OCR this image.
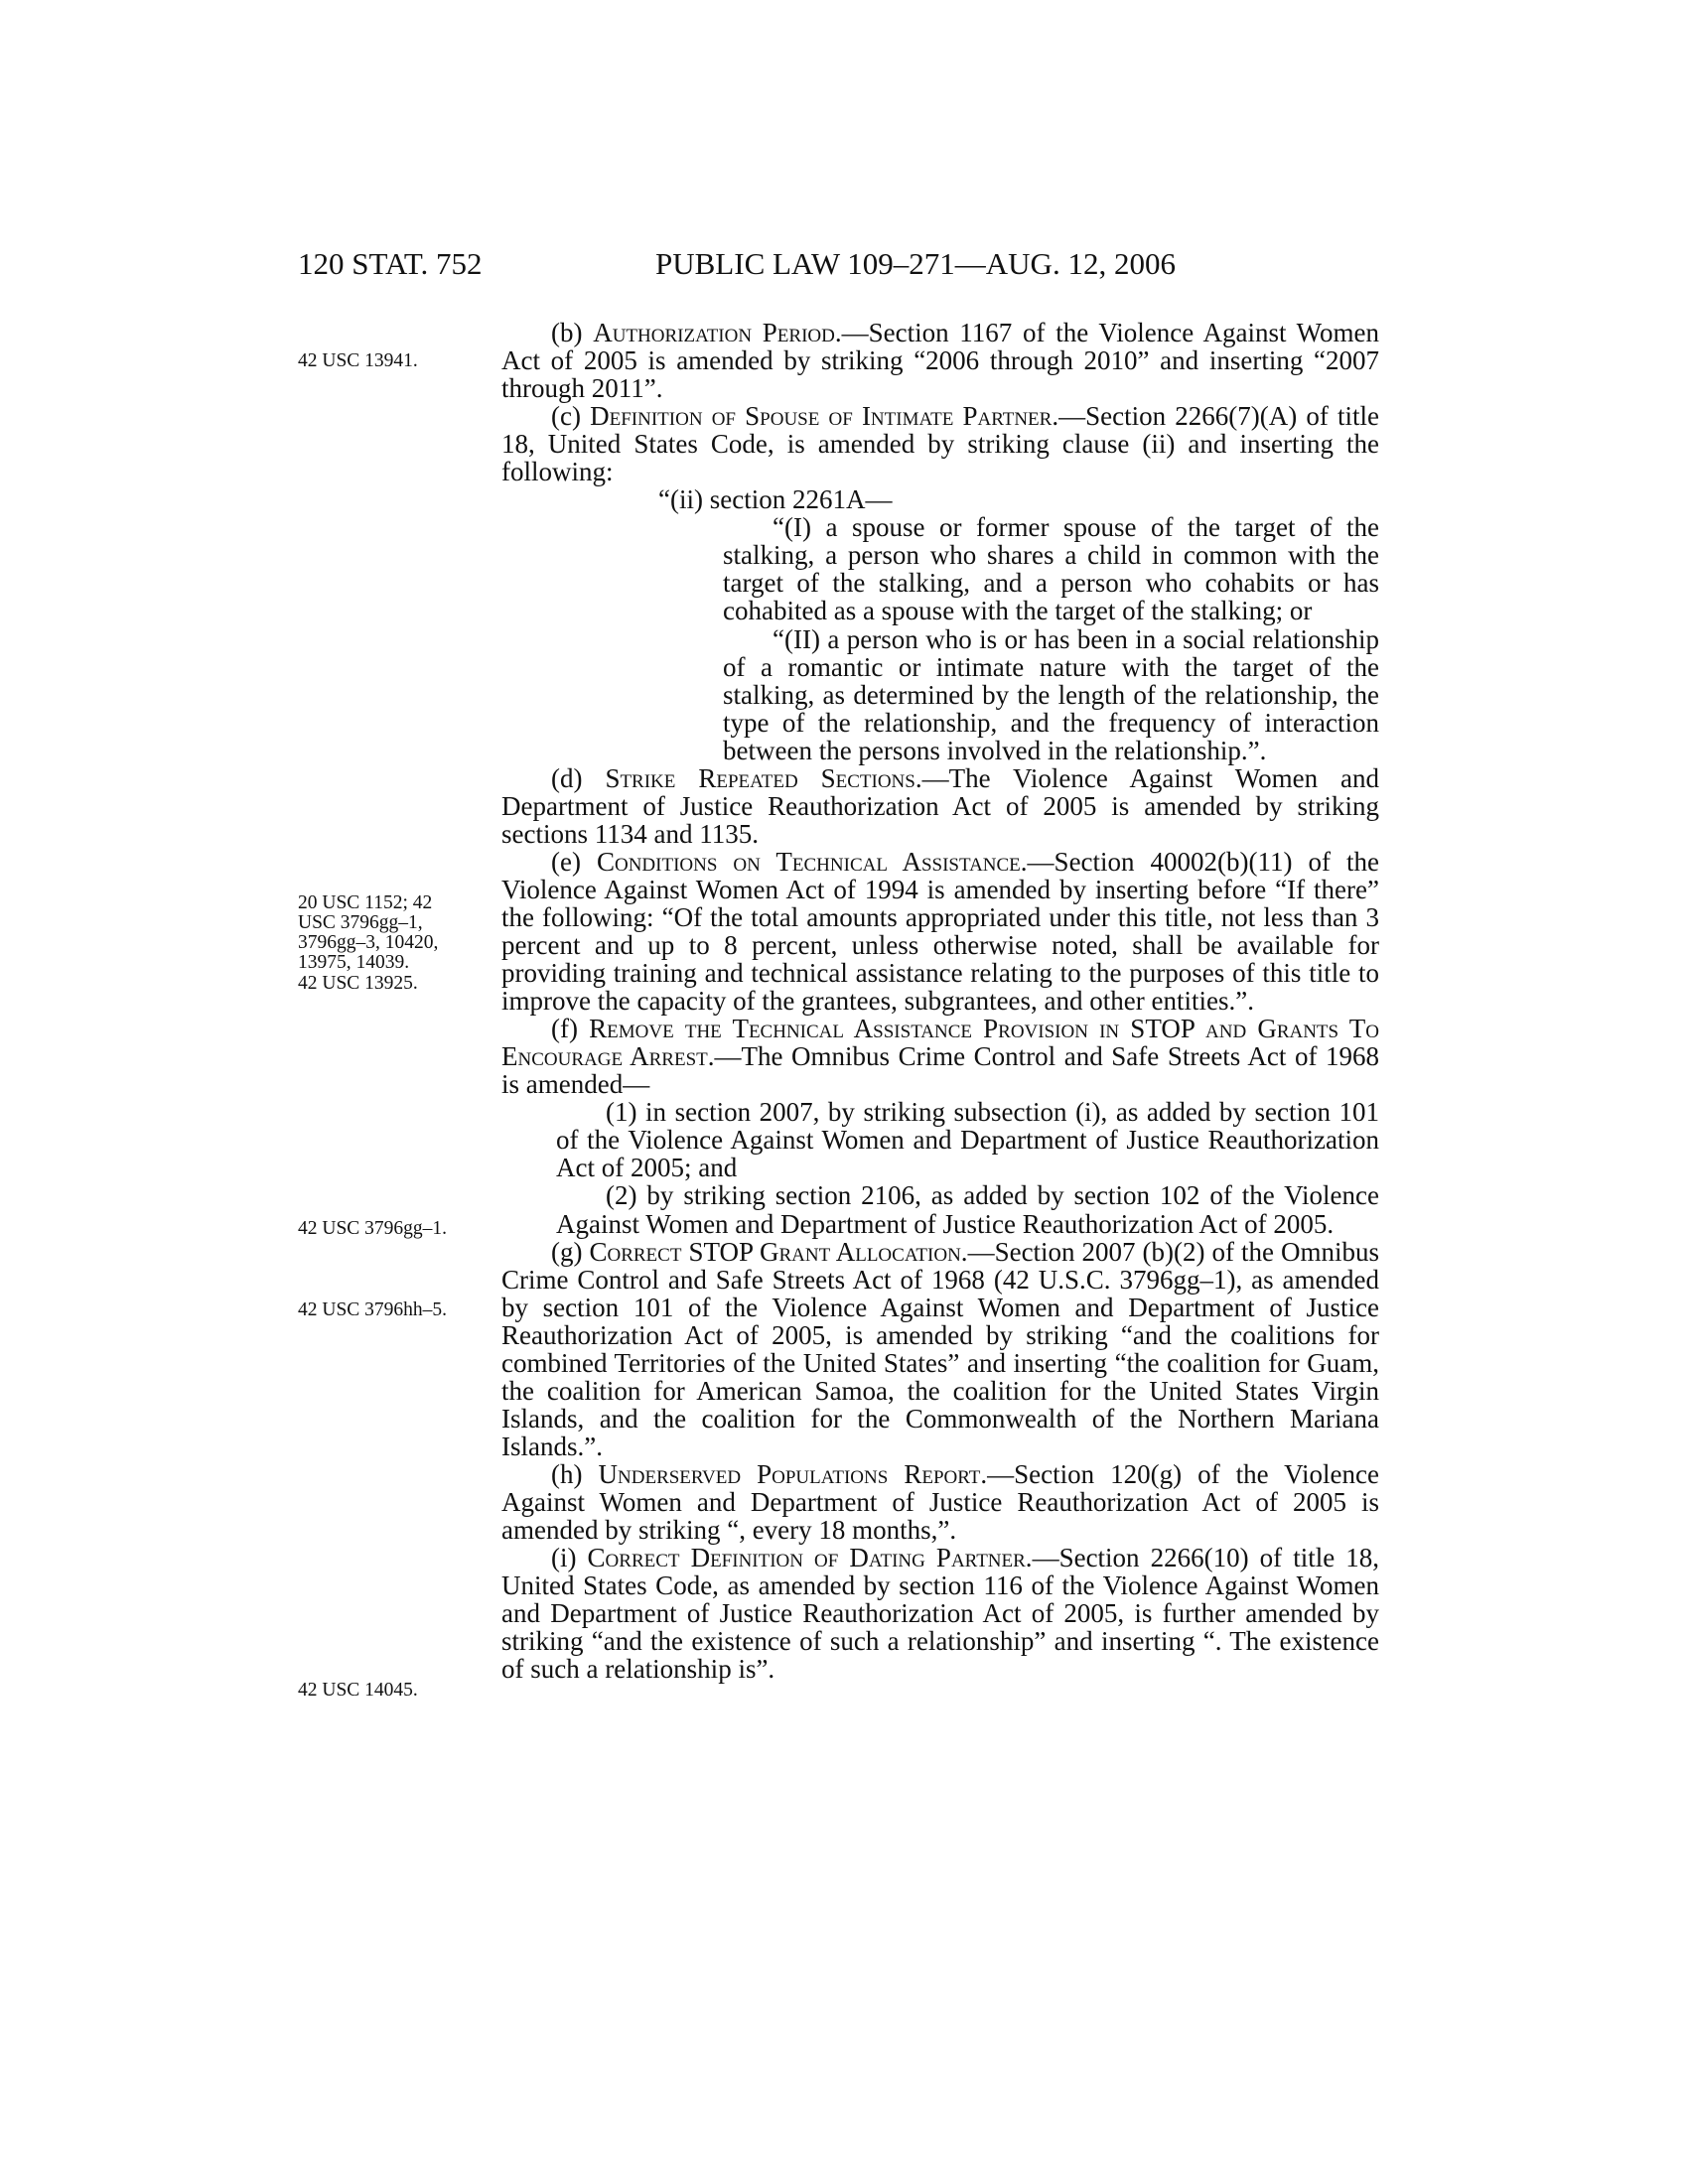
120 STAT. 752	PUBLIC LAW 109–271—AUG. 12, 2006
42 USC 13941.
20 USC 1152; 42 USC 3796gg–1, 3796gg–3, 10420, 13975, 14039.
42 USC 13925.
42 USC 3796gg–1.
42 USC 3796hh–5.
42 USC 14045.

(b) Authorization Period.—Section 1167 of the Violence Against Women Act of 2005 is amended by striking “2006 through 2010” and inserting “2007 through 2011”.

(c) Definition of Spouse of Intimate Partner.—Section 2266(7)(A) of title 18, United States Code, is amended by striking clause (ii) and inserting the following:

“(ii) section 2261A—

“(I) a spouse or former spouse of the target of the stalking, a person who shares a child in common with the target of the stalking, and a person who cohabits or has cohabited as a spouse with the target of the stalking; or

“(II) a person who is or has been in a social relationship of a romantic or intimate nature with the target of the stalking, as determined by the length of the relationship, the type of the relationship, and the frequency of interaction between the persons involved in the relationship.”.

(d) Strike Repeated Sections.—The Violence Against Women and Department of Justice Reauthorization Act of 2005 is amended by striking sections 1134 and 1135.

(e) Conditions on Technical Assistance.—Section 40002(b)(11) of the Violence Against Women Act of 1994 is amended by inserting before “If there” the following: “Of the total amounts appropriated under this title, not less than 3 percent and up to 8 percent, unless otherwise noted, shall be available for providing training and technical assistance relating to the purposes of this title to improve the capacity of the grantees, subgrantees, and other entities.”.

(f) Remove the Technical Assistance Provision in STOP and Grants To Encourage Arrest.—The Omnibus Crime Control and Safe Streets Act of 1968 is amended—

(1) in section 2007, by striking subsection (i), as added by section 101 of the Violence Against Women and Department of Justice Reauthorization Act of 2005; and

(2) by striking section 2106, as added by section 102 of the Violence Against Women and Department of Justice Reauthorization Act of 2005.

(g) Correct STOP Grant Allocation.—Section 2007 (b)(2) of the Omnibus Crime Control and Safe Streets Act of 1968 (42 U.S.C. 3796gg–1), as amended by section 101 of the Violence Against Women and Department of Justice Reauthorization Act of 2005, is amended by striking “and the coalitions for combined Territories of the United States” and inserting “the coalition for Guam, the coalition for American Samoa, the coalition for the United States Virgin Islands, and the coalition for the Commonwealth of the Northern Mariana Islands.”.

(h) Underserved Populations Report.—Section 120(g) of the Violence Against Women and Department of Justice Reauthorization Act of 2005 is amended by striking “, every 18 months,”.

(i) Correct Definition of Dating Partner.—Section 2266(10) of title 18, United States Code, as amended by section 116 of the Violence Against Women and Department of Justice Reauthorization Act of 2005, is further amended by striking “and the existence of such a relationship” and inserting “. The existence of such a relationship is”.
